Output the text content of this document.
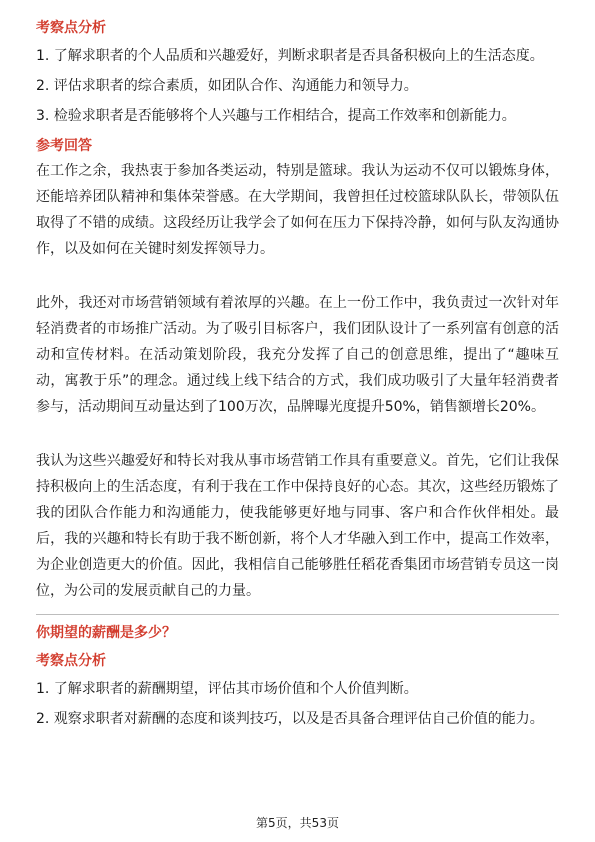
考察点分析

1. 了解求职者的个人品质和兴趣爱好，判断求职者是否具备积极向上的生活态度。

2. 评估求职者的综合素质，如团队合作、沟通能力和领导力。

3. 检验求职者是否能够将个人兴趣与工作相结合，提高工作效率和创新能力。

参考回答

在工作之余，我热衷于参加各类运动，特别是篮球。我认为运动不仅可以锻炼身体，还能培养团队精神和集体荣誉感。在大学期间，我曾担任过校篮球队队长，带领队伍取得了不错的成绩。这段经历让我学会了如何在压力下保持冷静，如何与队友沟通协作，以及如何在关键时刻发挥领导力。

此外，我还对市场营销领域有着浓厚的兴趣。在上一份工作中，我负责过一次针对年轻消费者的市场推广活动。为了吸引目标客户，我们团队设计了一系列富有创意的活动和宣传材料。在活动策划阶段，我充分发挥了自己的创意思维，提出了“趣味互动，寓教于乐”的理念。通过线上线下结合的方式，我们成功吸引了大量年轻消费者参与，活动期间互动量达到了100万次，品牌曝光度提升50%，销售额增长20%。

我认为这些兴趣爱好和特长对我从事市场营销工作具有重要意义。首先，它们让我保持积极向上的生活态度，有利于我在工作中保持良好的心态。其次，这些经历锻炼了我的团队合作能力和沟通能力，使我能够更好地与同事、客户和合作伙伴相处。最后，我的兴趣和特长有助于我不断创新，将个人才华融入到工作中，提高工作效率，为企业创造更大的价值。因此，我相信自己能够胜任稻花香集团市场营销专员这一岗位，为公司的发展贡献自己的力量。

你期望的薪酬是多少？
考察点分析

1. 了解求职者的薪酬期望，评估其市场价值和个人价值判断。

2. 观察求职者对薪酬的态度和谈判技巧，以及是否具备合理评估自己价值的能力。

第5页，共53页
